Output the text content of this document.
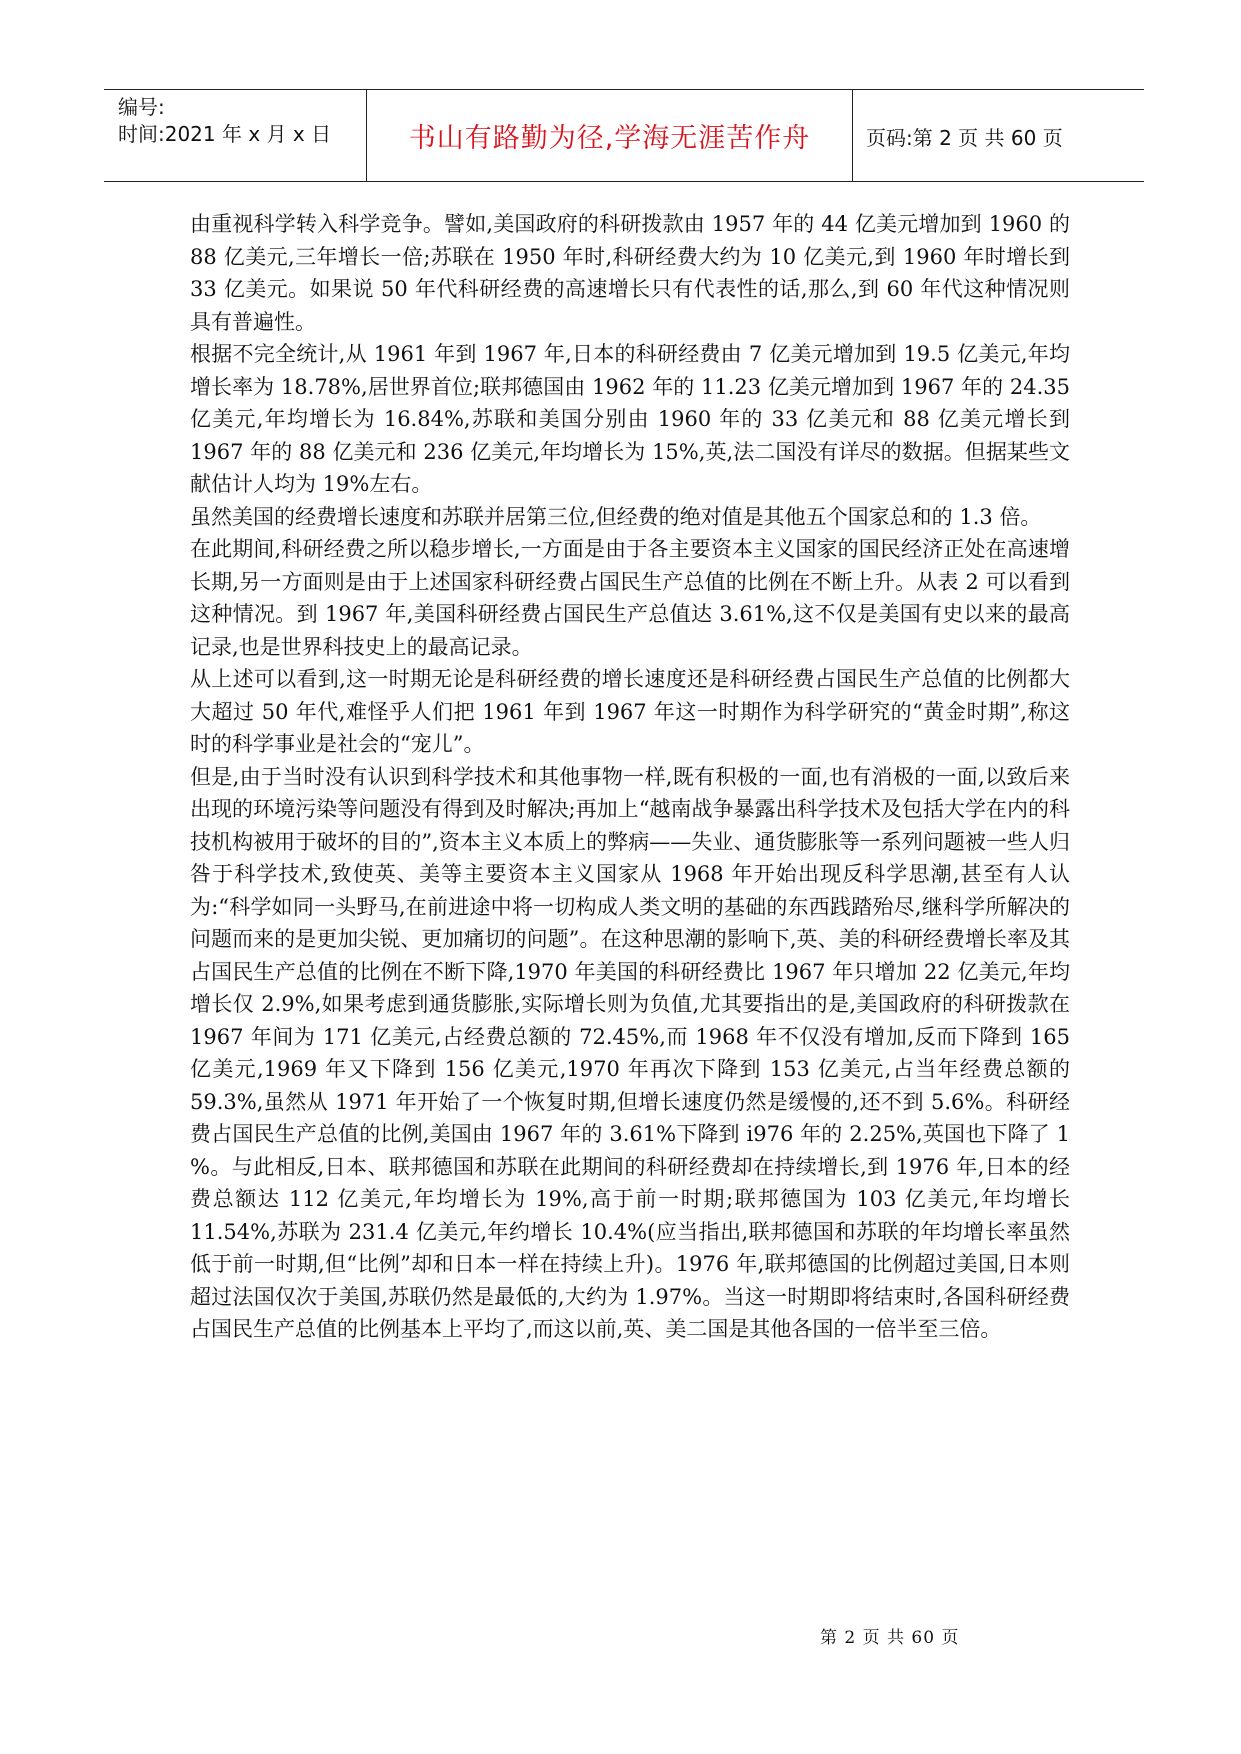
编号:
时间:2021 年 x 月 x 日	书山有路勤为径,学海无涯苦作舟	页码:第 2 页 共 60 页

由重视科学转入科学竞争。譬如,美国政府的科研拨款由 1957 年的 44 亿美元增加到 1960 的 88 亿美元,三年增长一倍;苏联在 1950 年时,科研经费大约为 10 亿美元,到 1960 年时增长到 33 亿美元。如果说 50 年代科研经费的高速增长只有代表性的话,那么,到 60 年代这种情况则具有普遍性。

根据不完全统计,从 1961 年到 1967 年,日本的科研经费由 7 亿美元增加到 19.5 亿美元,年均增长率为 18.78%,居世界首位;联邦德国由 1962 年的 11.23 亿美元增加到 1967 年的 24.35 亿美元,年均增长为 16.84%,苏联和美国分别由 1960 年的 33 亿美元和 88 亿美元增长到 1967 年的 88 亿美元和 236 亿美元,年均增长为 15%,英,法二国没有详尽的数据。但据某些文献估计人均为 19%左右。

虽然美国的经费增长速度和苏联并居第三位,但经费的绝对值是其他五个国家总和的 1.3 倍。

在此期间,科研经费之所以稳步增长,一方面是由于各主要资本主义国家的国民经济正处在高速增长期,另一方面则是由于上述国家科研经费占国民生产总值的比例在不断上升。从表 2 可以看到这种情况。到 1967 年,美国科研经费占国民生产总值达 3.61%,这不仅是美国有史以来的最高记录,也是世界科技史上的最高记录。

从上述可以看到,这一时期无论是科研经费的增长速度还是科研经费占国民生产总值的比例都大大超过 50 年代,难怪乎人们把 1961 年到 1967 年这一时期作为科学研究的“黄金时期”,称这时的科学事业是社会的“宠儿”。

但是,由于当时没有认识到科学技术和其他事物一样,既有积极的一面,也有消极的一面,以致后来出现的环境污染等问题没有得到及时解决;再加上“越南战争暴露出科学技术及包括大学在内的科技机构被用于破坏的目的”,资本主义本质上的弊病——失业、通货膨胀等一系列问题被一些人归咎于科学技术,致使英、美等主要资本主义国家从 1968 年开始出现反科学思潮,甚至有人认为:“科学如同一头野马,在前进途中将一切构成人类文明的基础的东西践踏殆尽,继科学所解决的问题而来的是更加尖锐、更加痛切的问题”。在这种思潮的影响下,英、美的科研经费增长率及其占国民生产总值的比例在不断下降,1970 年美国的科研经费比 1967 年只增加 22 亿美元,年均增长仅 2.9%,如果考虑到通货膨胀,实际增长则为负值,尤其要指出的是,美国政府的科研拨款在 1967 年间为 171 亿美元,占经费总额的 72.45%,而 1968 年不仅没有增加,反而下降到 165 亿美元,1969 年又下降到 156 亿美元,1970 年再次下降到 153 亿美元,占当年经费总额的 59.3%,虽然从 1971 年开始了一个恢复时期,但增长速度仍然是缓慢的,还不到 5.6%。科研经费占国民生产总值的比例,美国由 1967 年的 3.61%下降到 i976 年的 2.25%,英国也下降了 1 %。与此相反,日本、联邦德国和苏联在此期间的科研经费却在持续增长,到 1976 年,日本的经费总额达 112 亿美元,年均增长为 19%,高于前一时期;联邦德国为 103 亿美元,年均增长 11.54%,苏联为 231.4 亿美元,年约增长 10.4%(应当指出,联邦德国和苏联的年均增长率虽然低于前一时期,但“比例”却和日本一样在持续上升)。1976 年,联邦德国的比例超过美国,日本则超过法国仅次于美国,苏联仍然是最低的,大约为 1.97%。当这一时期即将结束时,各国科研经费占国民生产总值的比例基本上平均了,而这以前,英、美二国是其他各国的一倍半至三倍。

第 2 页 共 60 页
